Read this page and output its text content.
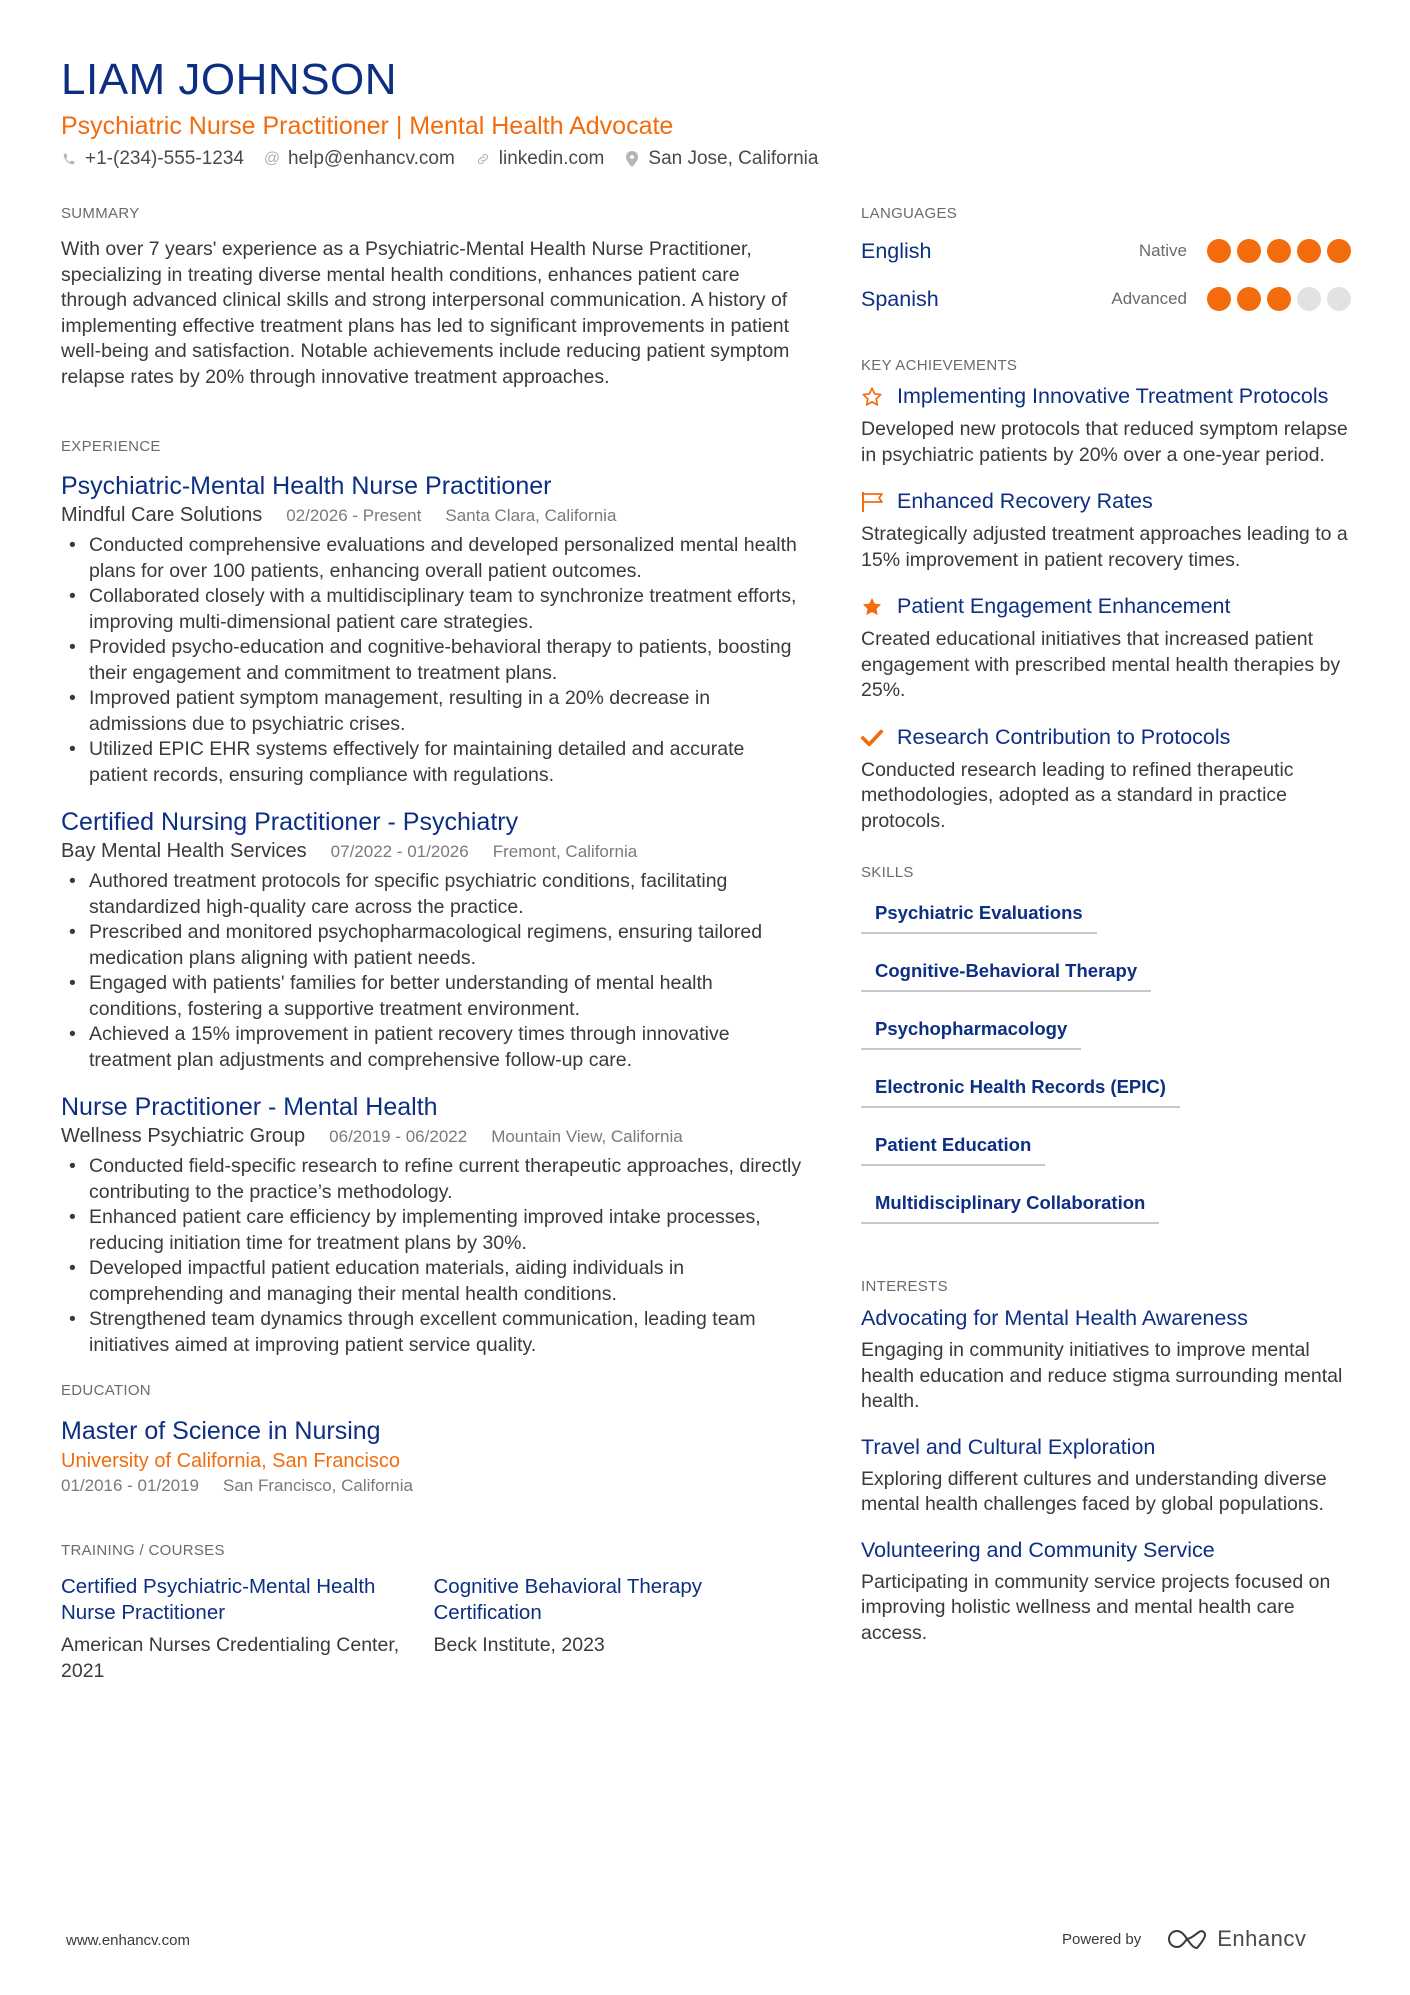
LIAM JOHNSON
Psychiatric Nurse Practitioner | Mental Health Advocate
+1-(234)-555-1234 @ help@enhancv.com linkedin.com San Jose, California
SUMMARY

With over 7 years' experience as a Psychiatric-Mental Health Nurse Practitioner, specializing in treating diverse mental health conditions, enhances patient care through advanced clinical skills and strong interpersonal communication. A history of implementing effective treatment plans has led to significant improvements in patient well-being and satisfaction. Notable achievements include reducing patient symptom relapse rates by 20% through innovative treatment approaches.

EXPERIENCE
Psychiatric-Mental Health Nurse Practitioner
Mindful Care Solutions 02/2026 - Present Santa Clara, California
• Conducted comprehensive evaluations and developed personalized mental health plans for over 100 patients, enhancing overall patient outcomes.
• Collaborated closely with a multidisciplinary team to synchronize treatment efforts, improving multi-dimensional patient care strategies.
• Provided psycho-education and cognitive-behavioral therapy to patients, boosting their engagement and commitment to treatment plans.
• Improved patient symptom management, resulting in a 20% decrease in admissions due to psychiatric crises.
• Utilized EPIC EHR systems effectively for maintaining detailed and accurate patient records, ensuring compliance with regulations.
Certified Nursing Practitioner - Psychiatry
Bay Mental Health Services 07/2022 - 01/2026 Fremont, California
• Authored treatment protocols for specific psychiatric conditions, facilitating standardized high-quality care across the practice.
• Prescribed and monitored psychopharmacological regimens, ensuring tailored medication plans aligning with patient needs.
• Engaged with patients' families for better understanding of mental health conditions, fostering a supportive treatment environment.
• Achieved a 15% improvement in patient recovery times through innovative treatment plan adjustments and comprehensive follow-up care.
Nurse Practitioner - Mental Health
Wellness Psychiatric Group 06/2019 - 06/2022 Mountain View, California
• Conducted field-specific research to refine current therapeutic approaches, directly contributing to the practice’s methodology.
• Enhanced patient care efficiency by implementing improved intake processes, reducing initiation time for treatment plans by 30%.
• Developed impactful patient education materials, aiding individuals in comprehending and managing their mental health conditions.
• Strengthened team dynamics through excellent communication, leading team initiatives aimed at improving patient service quality.
EDUCATION
Master of Science in Nursing
University of California, San Francisco
01/2016 - 01/2019 San Francisco, California
TRAINING / COURSES
Certified Psychiatric-Mental Health Nurse Practitioner
American Nurses Credentialing Center, 2021
Cognitive Behavioral Therapy Certification
Beck Institute, 2023
LANGUAGES
English	Native
Spanish	Advanced
KEY ACHIEVEMENTS
Implementing Innovative Treatment Protocols
Developed new protocols that reduced symptom relapse in psychiatric patients by 20% over a one-year period.
Enhanced Recovery Rates
Strategically adjusted treatment approaches leading to a 15% improvement in patient recovery times.
Patient Engagement Enhancement
Created educational initiatives that increased patient engagement with prescribed mental health therapies by 25%.
Research Contribution to Protocols
Conducted research leading to refined therapeutic methodologies, adopted as a standard in practice protocols.
SKILLS
Psychiatric Evaluations
Cognitive-Behavioral Therapy
Psychopharmacology
Electronic Health Records (EPIC)
Patient Education
Multidisciplinary Collaboration
INTERESTS
Advocating for Mental Health Awareness
Engaging in community initiatives to improve mental health education and reduce stigma surrounding mental health.
Travel and Cultural Exploration
Exploring different cultures and understanding diverse mental health challenges faced by global populations.
Volunteering and Community Service
Participating in community service projects focused on improving holistic wellness and mental health care access.
www.enhancv.com	Powered by	Enhancv
